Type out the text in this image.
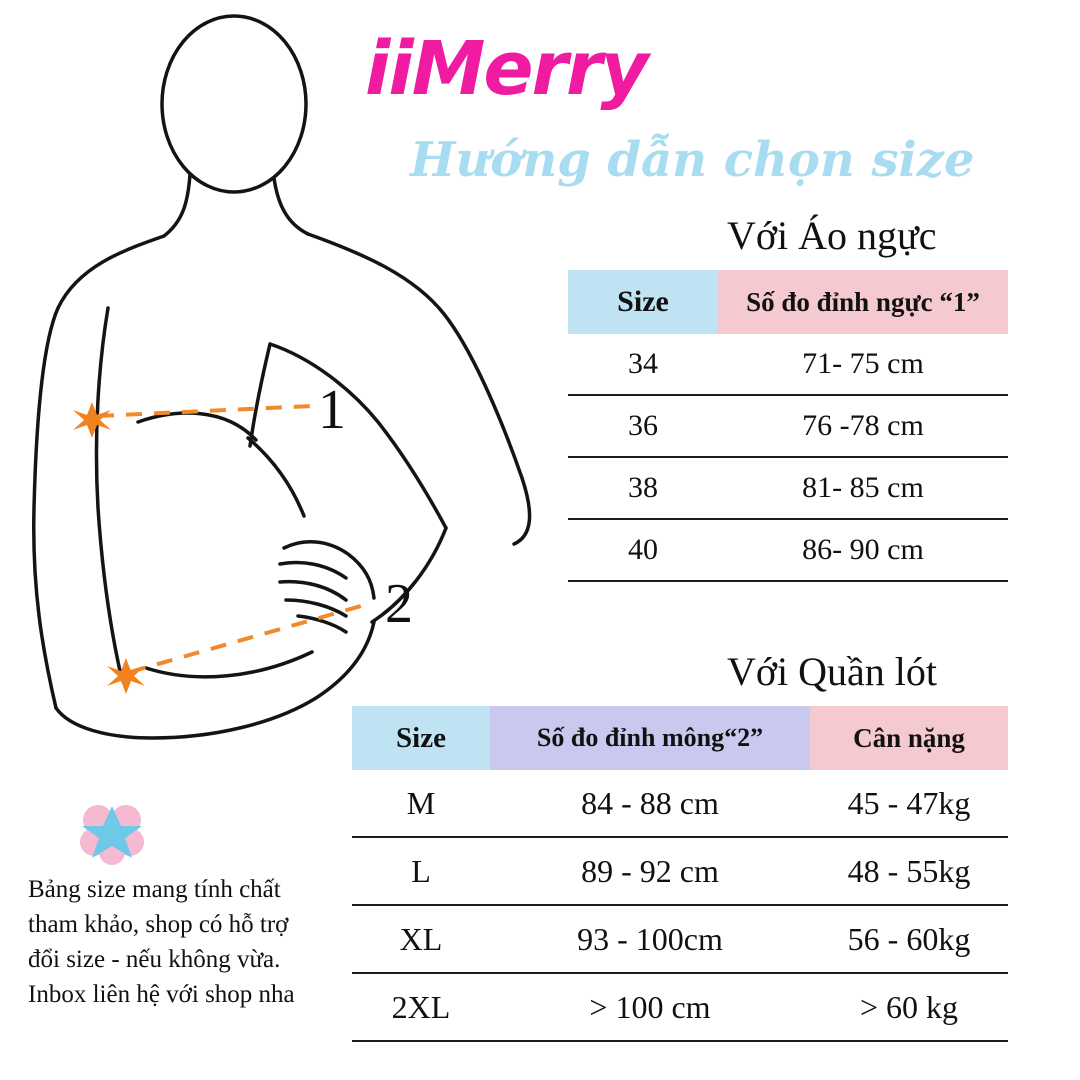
iiMerry
Hướng dẫn chọn size
1
2
Với Áo ngực
Size	Số đo đỉnh ngực “1”
34	71- 75 cm
36	76 -78 cm
38	81- 85 cm
40	86- 90 cm
Với Quần lót
Size	Số đo đỉnh mông“2”	Cân nặng
M	84 - 88 cm	45 - 47kg
L	89 - 92 cm	48 - 55kg
XL	93 - 100cm	56 - 60kg
2XL	> 100 cm	> 60 kg
Bảng size mang tính chất
tham khảo, shop có hỗ trợ
đổi size - nếu không vừa.
Inbox liên hệ với shop nha
